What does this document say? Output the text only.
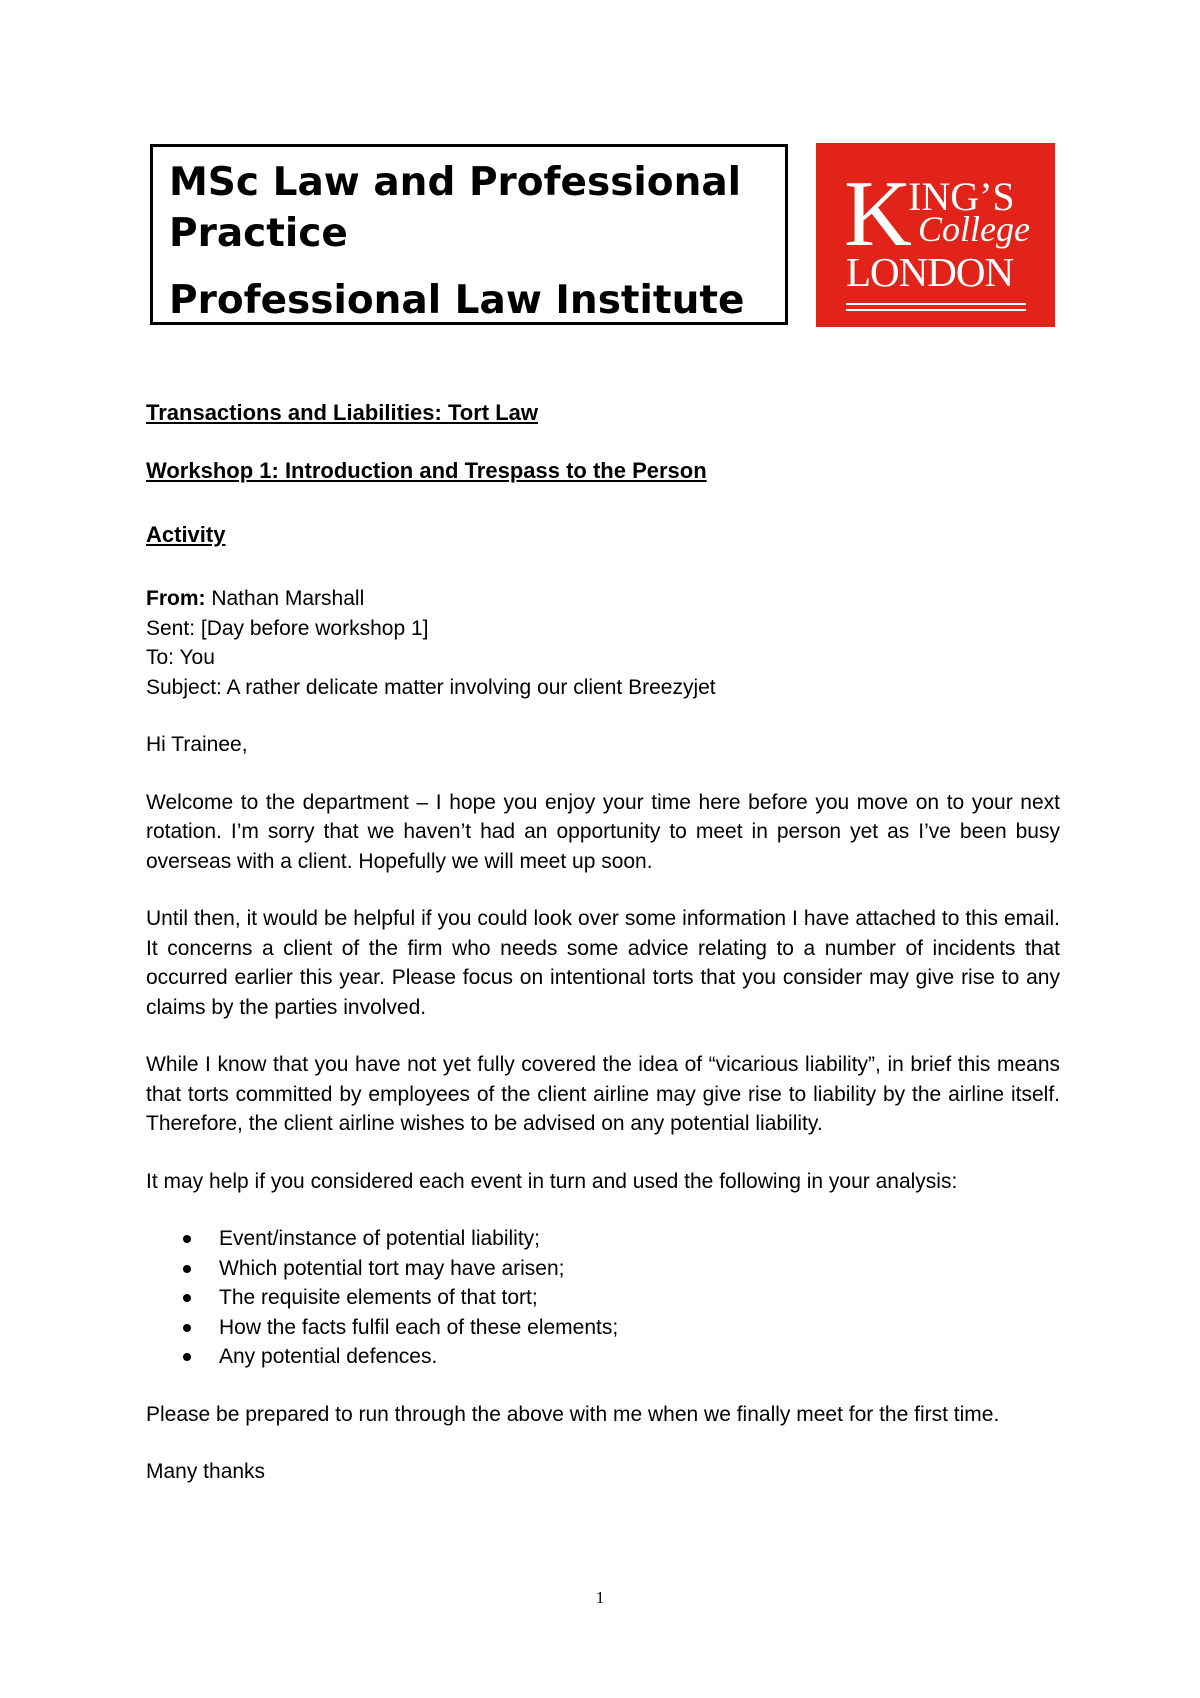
MSc Law and Professional
Practice
Professional Law Institute
K
ING’S
College
LONDON

Transactions and Liabilities: Tort Law

Workshop 1: Introduction and Trespass to the Person

Activity

From: Nathan Marshall

Sent: [Day before workshop 1]

To: You

Subject: A rather delicate matter involving our client Breezyjet

Hi Trainee,

Welcome to the department – I hope you enjoy your time here before you move on to your next rotation. I’m sorry that we haven’t had an opportunity to meet in person yet as I’ve been busy overseas with a client. Hopefully we will meet up soon.

Until then, it would be helpful if you could look over some information I have attached to this email. It concerns a client of the firm who needs some advice relating to a number of incidents that occurred earlier this year. Please focus on intentional torts that you consider may give rise to any claims by the parties involved.

While I know that you have not yet fully covered the idea of “vicarious liability”, in brief this means that torts committed by employees of the client airline may give rise to liability by the airline itself. Therefore, the client airline wishes to be advised on any potential liability.

It may help if you considered each event in turn and used the following in your analysis:

Event/instance of potential liability;
Which potential tort may have arisen;
The requisite elements of that tort;
How the facts fulfil each of these elements;
Any potential defences.

Please be prepared to run through the above with me when we finally meet for the first time.

Many thanks

1
